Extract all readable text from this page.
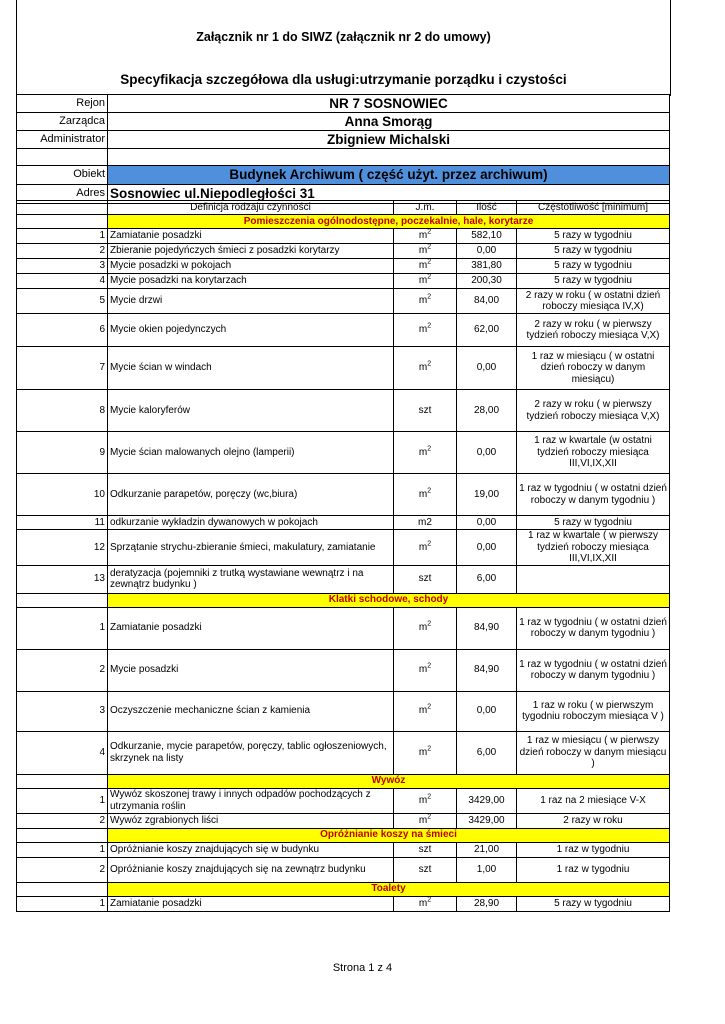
Załącznik nr 1 do SIWZ (załącznik nr 2 do umowy)
Specyfikacja szczegółowa dla usługi:utrzymanie porządku i czystości
Rejon	NR 7 SOSNOWIEC
Zarządca	Anna Smorąg
Administrator	Zbigniew Michalski

Obiekt	Budynek Archiwum ( część użyt. przez archiwum)
Adres	Sosnowiec ul.Niepodległości 31
	Definicja rodzaju czynności	J.m.	Ilość	Częstotliwość [minimum]
	Pomieszczenia ogólnodostępne, poczekalnie, hale, korytarze			
1	Zamiatanie posadzki	$m^2$	582,10	5 razy w tygodniu
2	Zbieranie pojedyńczych śmieci z posadzki korytarzy	$m^2$	0,00	5 razy w tygodniu
3	Mycie posadzki w pokojach	$m^2$	381,80	5 razy w tygodniu
4	Mycie posadzki na korytarzach	$m^2$	200,30	5 razy w tygodniu
5	Mycie drzwi	$m^2$	84,00	2 razy w roku ( w ostatni dzień roboczy miesiąca IV,X)
6	Mycie okien pojedynczych	$m^2$	62,00	2 razy w roku ( w pierwszy tydzień roboczy miesiąca V,X)
7	Mycie ścian w windach	$m^2$	0,00	1 raz w miesiącu ( w ostatni dzień roboczy w danym miesiącu)
8	Mycie kaloryferów	szt	28,00	2 razy w roku ( w pierwszy tydzień roboczy miesiąca V,X)
9	Mycie ścian malowanych olejno (lamperii)	$m^2$	0,00	1 raz w kwartale (w ostatni tydzień roboczy miesiąca III,VI,IX,XII
10	Odkurzanie parapetów, poręczy (wc,biura)	$m^2$	19,00	1 raz w tygodniu ( w ostatni dzień roboczy w danym tygodniu )
11	odkurzanie wykładzin dywanowych w pokojach	m2	0,00	5 razy w tygodniu
12	Sprzątanie strychu-zbieranie śmieci, makulatury, zamiatanie	$m^2$	0,00	1 raz w kwartale ( w pierwszy tydzień roboczy miesiąca III,VI,IX,XII
13	deratyzacja (pojemniki z trutką wystawiane wewnątrz i na zewnątrz budynku )	szt	6,00	
	Klatki schodowe, schody			
1	Zamiatanie posadzki	$m^2$	84,90	1 raz w tygodniu ( w ostatni dzień roboczy w danym tygodniu )
2	Mycie posadzki	$m^2$	84,90	1 raz w tygodniu ( w ostatni dzień roboczy w danym tygodniu )
3	Oczyszczenie mechaniczne ścian z kamienia	$m^2$	0,00	1 raz w roku ( w pierwszym tygodniu roboczym miesiąca V )
4	Odkurzanie, mycie parapetów, poręczy, tablic ogłoszeniowych, skrzynek na listy	$m^2$	6,00	1 raz w miesiącu ( w pierwszy dzień roboczy w danym miesiącu )
	Wywóz			
1	Wywóz skoszonej trawy i innych odpadów pochodzących z utrzymania roślin	$m^2$	3429,00	1 raz na 2 miesiące V-X
2	Wywóz zgrabionych liści	$m^2$	3429,00	2 razy w roku
	Opróżnianie koszy na śmieci			
1	Opróżnianie koszy znajdujących się w budynku	szt	21,00	1 raz w tygodniu
2	Opróżnianie koszy znajdujących się na zewnątrz budynku	szt	1,00	1 raz w tygodniu
	Toalety			
1	Zamiatanie posadzki	$m^2$	28,90	5 razy w tygodniu
Strona 1 z 4
